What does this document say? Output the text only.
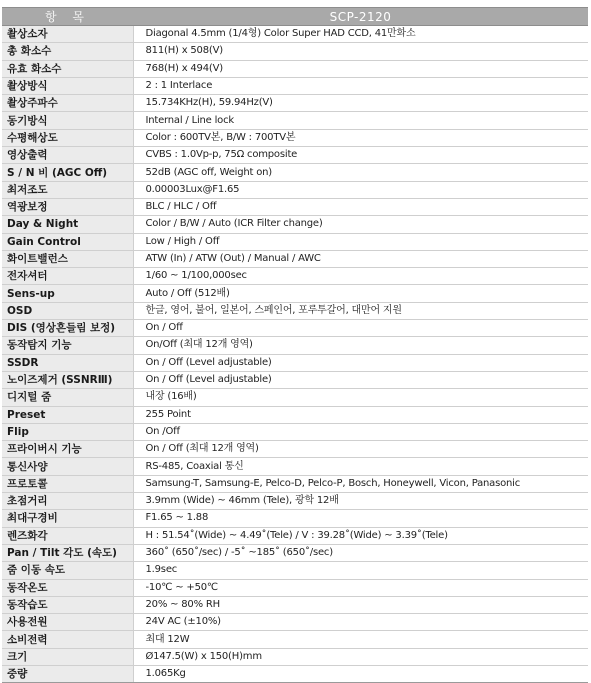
항 목	SCP-2120
촬상소자	Diagonal 4.5mm (1/4형) Color Super HAD CCD, 41만화소
총 화소수	811(H) x 508(V)
유효 화소수	768(H) x 494(V)
촬상방식	2 : 1 Interlace
촬상주파수	15.734KHz(H), 59.94Hz(V)
동기방식	Internal / Line lock
수평해상도	Color : 600TV본, B/W : 700TV본
영상출력	CVBS : 1.0Vp-p, 75Ω composite
S / N 비 (AGC Off)	52dB (AGC off, Weight on)
최저조도	0.00003Lux@F1.65
역광보정	BLC / HLC / Off
Day & Night	Color / B/W / Auto (ICR Filter change)
Gain Control	Low / High / Off
화이트밸런스	ATW (In) / ATW (Out) / Manual / AWC
전자셔터	1/60 ~ 1/100,000sec
Sens-up	Auto / Off (512배)
OSD	한글, 영어, 불어, 일본어, 스페인어, 포루투갈어, 대만어 지원
DIS (영상흔들림 보정)	On / Off
동작탐지 기능	On/Off (최대 12개 영역)
SSDR	On / Off (Level adjustable)
노이즈제거 (SSNRⅢ)	On / Off (Level adjustable)
디지털 줌	내장 (16배)
Preset	255 Point
Flip	On /Off
프라이버시 기능	On / Off (최대 12개 영역)
통신사양	RS-485, Coaxial 통신
프로토콜	Samsung-T, Samsung-E, Pelco-D, Pelco-P, Bosch, Honeywell, Vicon, Panasonic
초점거리	3.9mm (Wide) ~ 46mm (Tele), 광학 12배
최대구경비	F1.65 ~ 1.88
렌즈화각	H : 51.54˚(Wide) ~ 4.49˚(Tele) / V : 39.28˚(Wide) ~ 3.39˚(Tele)
Pan / Tilt 각도 (속도)	360˚ (650˚/sec) / -5˚ ~185˚ (650˚/sec)
줌 이동 속도	1.9sec
동작온도	-10℃ ~ +50℃
동작습도	20% ~ 80% RH
사용전원	24V AC (±10%)
소비전력	최대 12W
크기	Ø147.5(W) x 150(H)mm
중량	1.065Kg
